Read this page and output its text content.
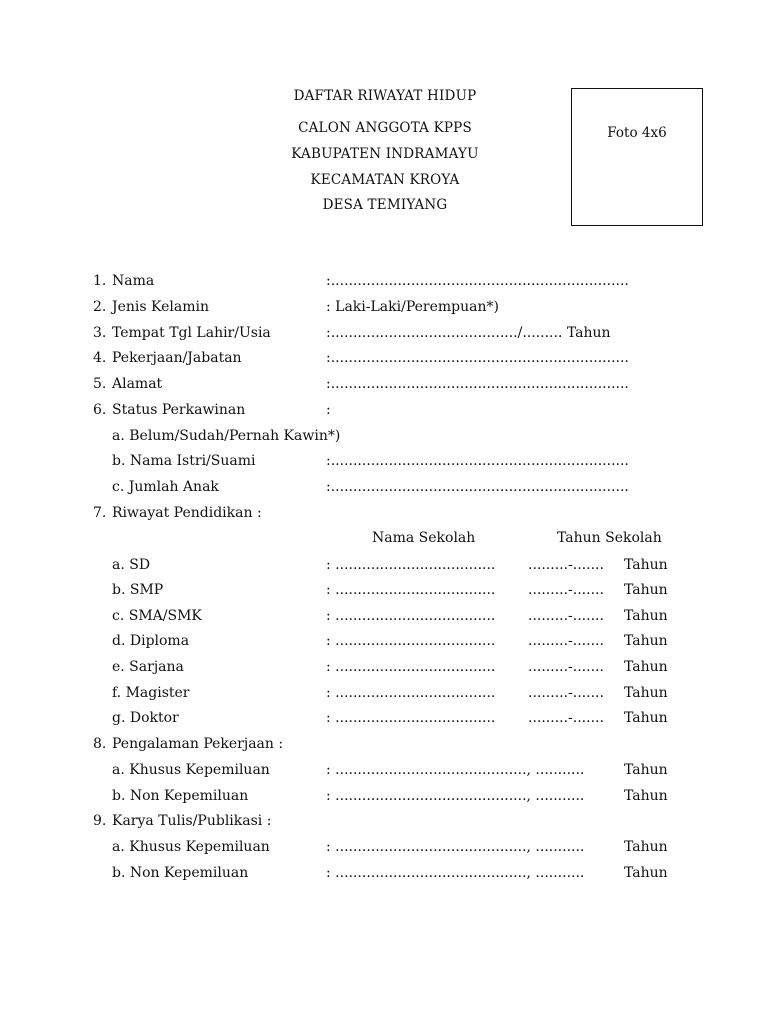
DAFTAR RIWAYAT HIDUP
CALON ANGGOTA KPPS
KABUPATEN INDRAMAYU
KECAMATAN KROYA
DESA TEMIYANG
Foto 4x6
1. Nama	:...................................................................
2. Jenis Kelamin	: Laki-Laki/Perempuan*)
3. Tempat Tgl Lahir/Usia	:........................................../......... Tahun
4. Pekerjaan/Jabatan	:...................................................................
5. Alamat	:...................................................................
6. Status Perkawinan	:
a. Belum/Sudah/Pernah Kawin*)
b. Nama Istri/Suami	:...................................................................
c. Jumlah Anak	:...................................................................
7. Riwayat Pendidikan :
Nama Sekolah	Tahun Sekolah
a. SD	: .................................... .........-....... Tahun
b. SMP	: .................................... .........-....... Tahun
c. SMA/SMK	: .................................... .........-....... Tahun
d. Diploma	: .................................... .........-....... Tahun
e. Sarjana	: .................................... .........-....... Tahun
f. Magister	: .................................... .........-....... Tahun
g. Doktor	: .................................... .........-....... Tahun
8. Pengalaman Pekerjaan :
a. Khusus Kepemiluan	: ..........................................., ...........	Tahun
b. Non Kepemiluan	: ..........................................., ...........	Tahun
9. Karya Tulis/Publikasi :
a. Khusus Kepemiluan	: ..........................................., ...........	Tahun
b. Non Kepemiluan	: ..........................................., ...........	Tahun
